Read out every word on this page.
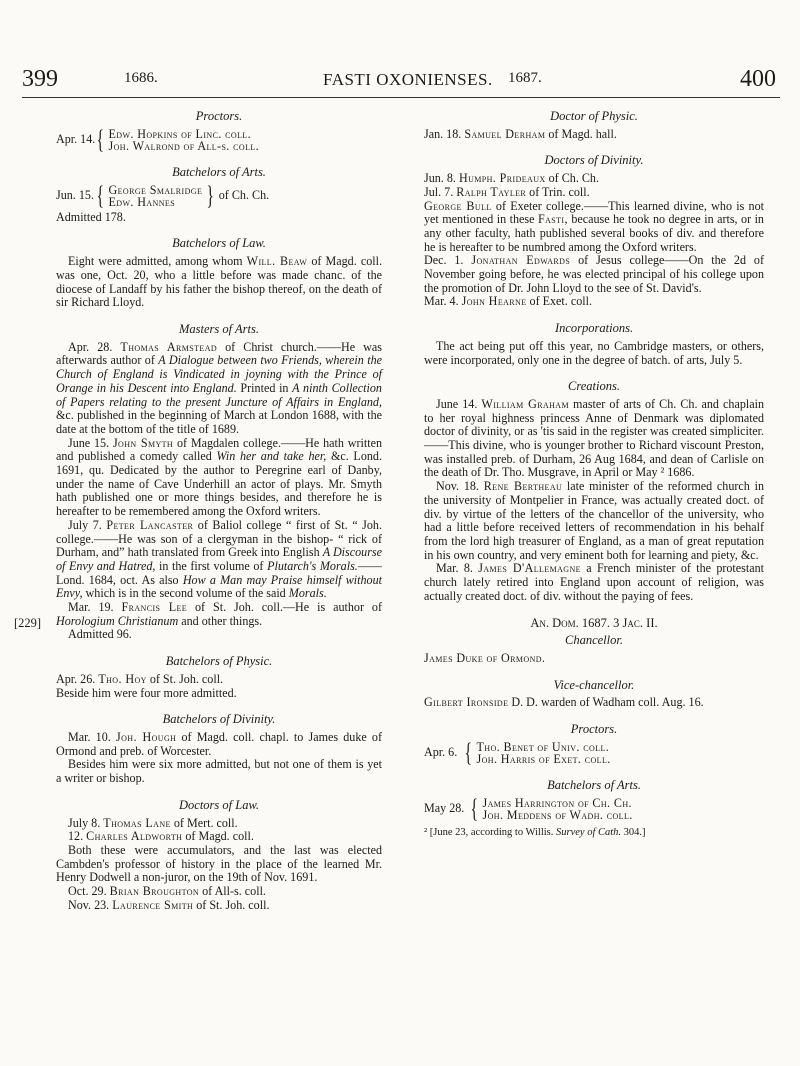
399	1686.	FASTI OXONIENSES. 1687.	400
[229]
Proctors.
Apr. 14. { Edw. Hopkins of Linc. coll.
Joh. Walrond of All-s. coll.
Batchelors of Arts.
Jun. 15. { George Smalridge
Edw. Hannes	} of Ch. Ch.

Admitted 178.

Batchelors of Law.

Eight were admitted, among whom Will. Beaw of Magd. coll. was one, Oct. 20, who a little before was made chanc. of the diocese of Landaff by his father the bishop thereof, on the death of sir Richard Lloyd.

Masters of Arts.

Apr. 28. Thomas Armstead of Christ church.——He was afterwards author of A Dialogue between two Friends, wherein the Church of England is Vindicated in joyning with the Prince of Orange in his Descent into England. Printed in A ninth Collection of Papers relating to the present Juncture of Affairs in England, &c. published in the beginning of March at London 1688, with the date at the bottom of the title of 1689.

June 15. John Smyth of Magdalen college.——He hath written and published a comedy called Win her and take her, &c. Lond. 1691, qu. Dedicated by the author to Peregrine earl of Danby, under the name of Cave Underhill an actor of plays. Mr. Smyth hath published one or more things besides, and therefore he is hereafter to be remembered among the Oxford writers.

July 7. Peter Lancaster of Baliol college “ first of St. “ Joh. college.——He was son of a clergyman in the bishop- “ rick of Durham, and” hath translated from Greek into English A Discourse of Envy and Hatred, in the first volume of Plutarch's Morals.——Lond. 1684, oct. As also How a Man may Praise himself without Envy, which is in the second volume of the said Morals.

Mar. 19. Francis Lee of St. Joh. coll.—He is author of Horologium Christianum and other things.

Admitted 96.

Batchelors of Physic.

Apr. 26. Tho. Hoy of St. Joh. coll.

Beside him were four more admitted.

Batchelors of Divinity.

Mar. 10. Joh. Hough of Magd. coll. chapl. to James duke of Ormond and preb. of Worcester.

Besides him were six more admitted, but not one of them is yet a writer or bishop.

Doctors of Law.

July 8. Thomas Lane of Mert. coll.

12. Charles Aldworth of Magd. coll.

Both these were accumulators, and the last was elected Cambden's professor of history in the place of the learned Mr. Henry Dodwell a non-juror, on the 19th of Nov. 1691.

Oct. 29. Brian Broughton of All-s. coll.

Nov. 23. Laurence Smith of St. Joh. coll.

Doctor of Physic.

Jan. 18. Samuel Derham of Magd. hall.

Doctors of Divinity.

Jun. 8. Humph. Prideaux of Ch. Ch.

Jul. 7. Ralph Tayler of Trin. coll.

George Bull of Exeter college.——This learned divine, who is not yet mentioned in these Fasti, because he took no degree in arts, or in any other faculty, hath published several books of div. and therefore he is hereafter to be numbred among the Oxford writers.

Dec. 1. Jonathan Edwards of Jesus college——On the 2d of November going before, he was elected principal of his college upon the promotion of Dr. John Lloyd to the see of St. David's.

Mar. 4. John Hearne of Exet. coll.

Incorporations.

The act being put off this year, no Cambridge masters, or others, were incorporated, only one in the degree of batch. of arts, July 5.

Creations.

June 14. William Graham master of arts of Ch. Ch. and chaplain to her royal highness princess Anne of Denmark was diplomated doctor of divinity, or as 'tis said in the register was created simpliciter.——This divine, who is younger brother to Richard viscount Preston, was installed preb. of Durham, 26 Aug 1684, and dean of Carlisle on the death of Dr. Tho. Musgrave, in April or May ² 1686.

Nov. 18. Rene Bertheau late minister of the reformed church in the university of Montpelier in France, was actually created doct. of div. by virtue of the letters of the chancellor of the university, who had a little before received letters of recommendation in his behalf from the lord high treasurer of England, as a man of great reputation in his own country, and very eminent both for learning and piety, &c.

Mar. 8. James D'Allemagne a French minister of the protestant church lately retired into England upon account of religion, was actually created doct. of div. without the paying of fees.

An. Dom. 1687. 3 Jac. II.
Chancellor.

James Duke of Ormond.

Vice-chancellor.

Gilbert Ironside D. D. warden of Wadham coll. Aug. 16.

Proctors.
Apr. 6. { Tho. Benet of Univ. coll.
Joh. Harris of Exet. coll.
Batchelors of Arts.
May 28. { James Harrington of Ch. Ch.
Joh. Meddens of Wadh. coll.

² [June 23, according to Willis. Survey of Cath. 304.]
